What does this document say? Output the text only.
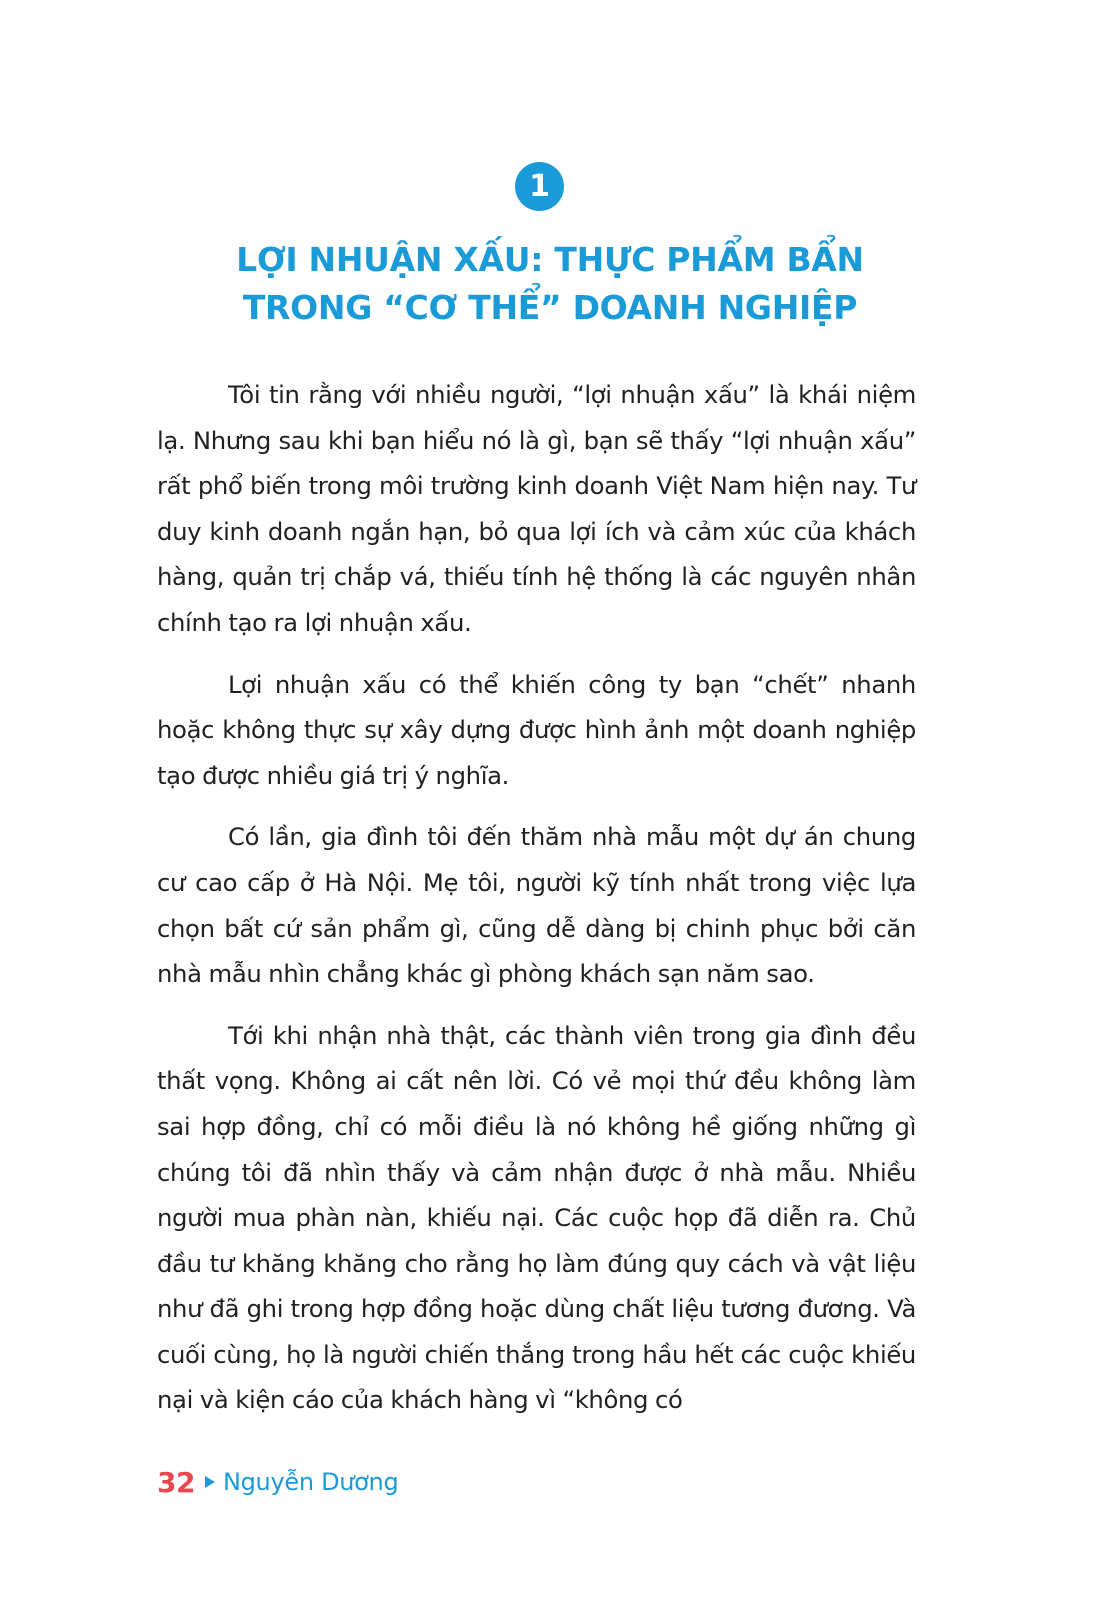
1
LỢI NHUẬN XẤU: THỰC PHẨM BẨN
TRONG “CƠ THỂ” DOANH NGHIỆP

Tôi tin rằng với nhiều người, “lợi nhuận xấu” là khái niệm lạ. Nhưng sau khi bạn hiểu nó là gì, bạn sẽ thấy “lợi nhuận xấu” rất phổ biến trong môi trường kinh doanh Việt Nam hiện nay. Tư duy kinh doanh ngắn hạn, bỏ qua lợi ích và cảm xúc của khách hàng, quản trị chắp vá, thiếu tính hệ thống là các nguyên nhân chính tạo ra lợi nhuận xấu.

Lợi nhuận xấu có thể khiến công ty bạn “chết” nhanh hoặc không thực sự xây dựng được hình ảnh một doanh nghiệp tạo được nhiều giá trị ý nghĩa.

Có lần, gia đình tôi đến thăm nhà mẫu một dự án chung cư cao cấp ở Hà Nội. Mẹ tôi, người kỹ tính nhất trong việc lựa chọn bất cứ sản phẩm gì, cũng dễ dàng bị chinh phục bởi căn nhà mẫu nhìn chẳng khác gì phòng khách sạn năm sao.

Tới khi nhận nhà thật, các thành viên trong gia đình đều thất vọng. Không ai cất nên lời. Có vẻ mọi thứ đều không làm sai hợp đồng, chỉ có mỗi điều là nó không hề giống những gì chúng tôi đã nhìn thấy và cảm nhận được ở nhà mẫu. Nhiều người mua phàn nàn, khiếu nại. Các cuộc họp đã diễn ra. Chủ đầu tư khăng khăng cho rằng họ làm đúng quy cách và vật liệu như đã ghi trong hợp đồng hoặc dùng chất liệu tương đương. Và cuối cùng, họ là người chiến thắng trong hầu hết các cuộc khiếu nại và kiện cáo của khách hàng vì “không có

32 Nguyễn Dương
